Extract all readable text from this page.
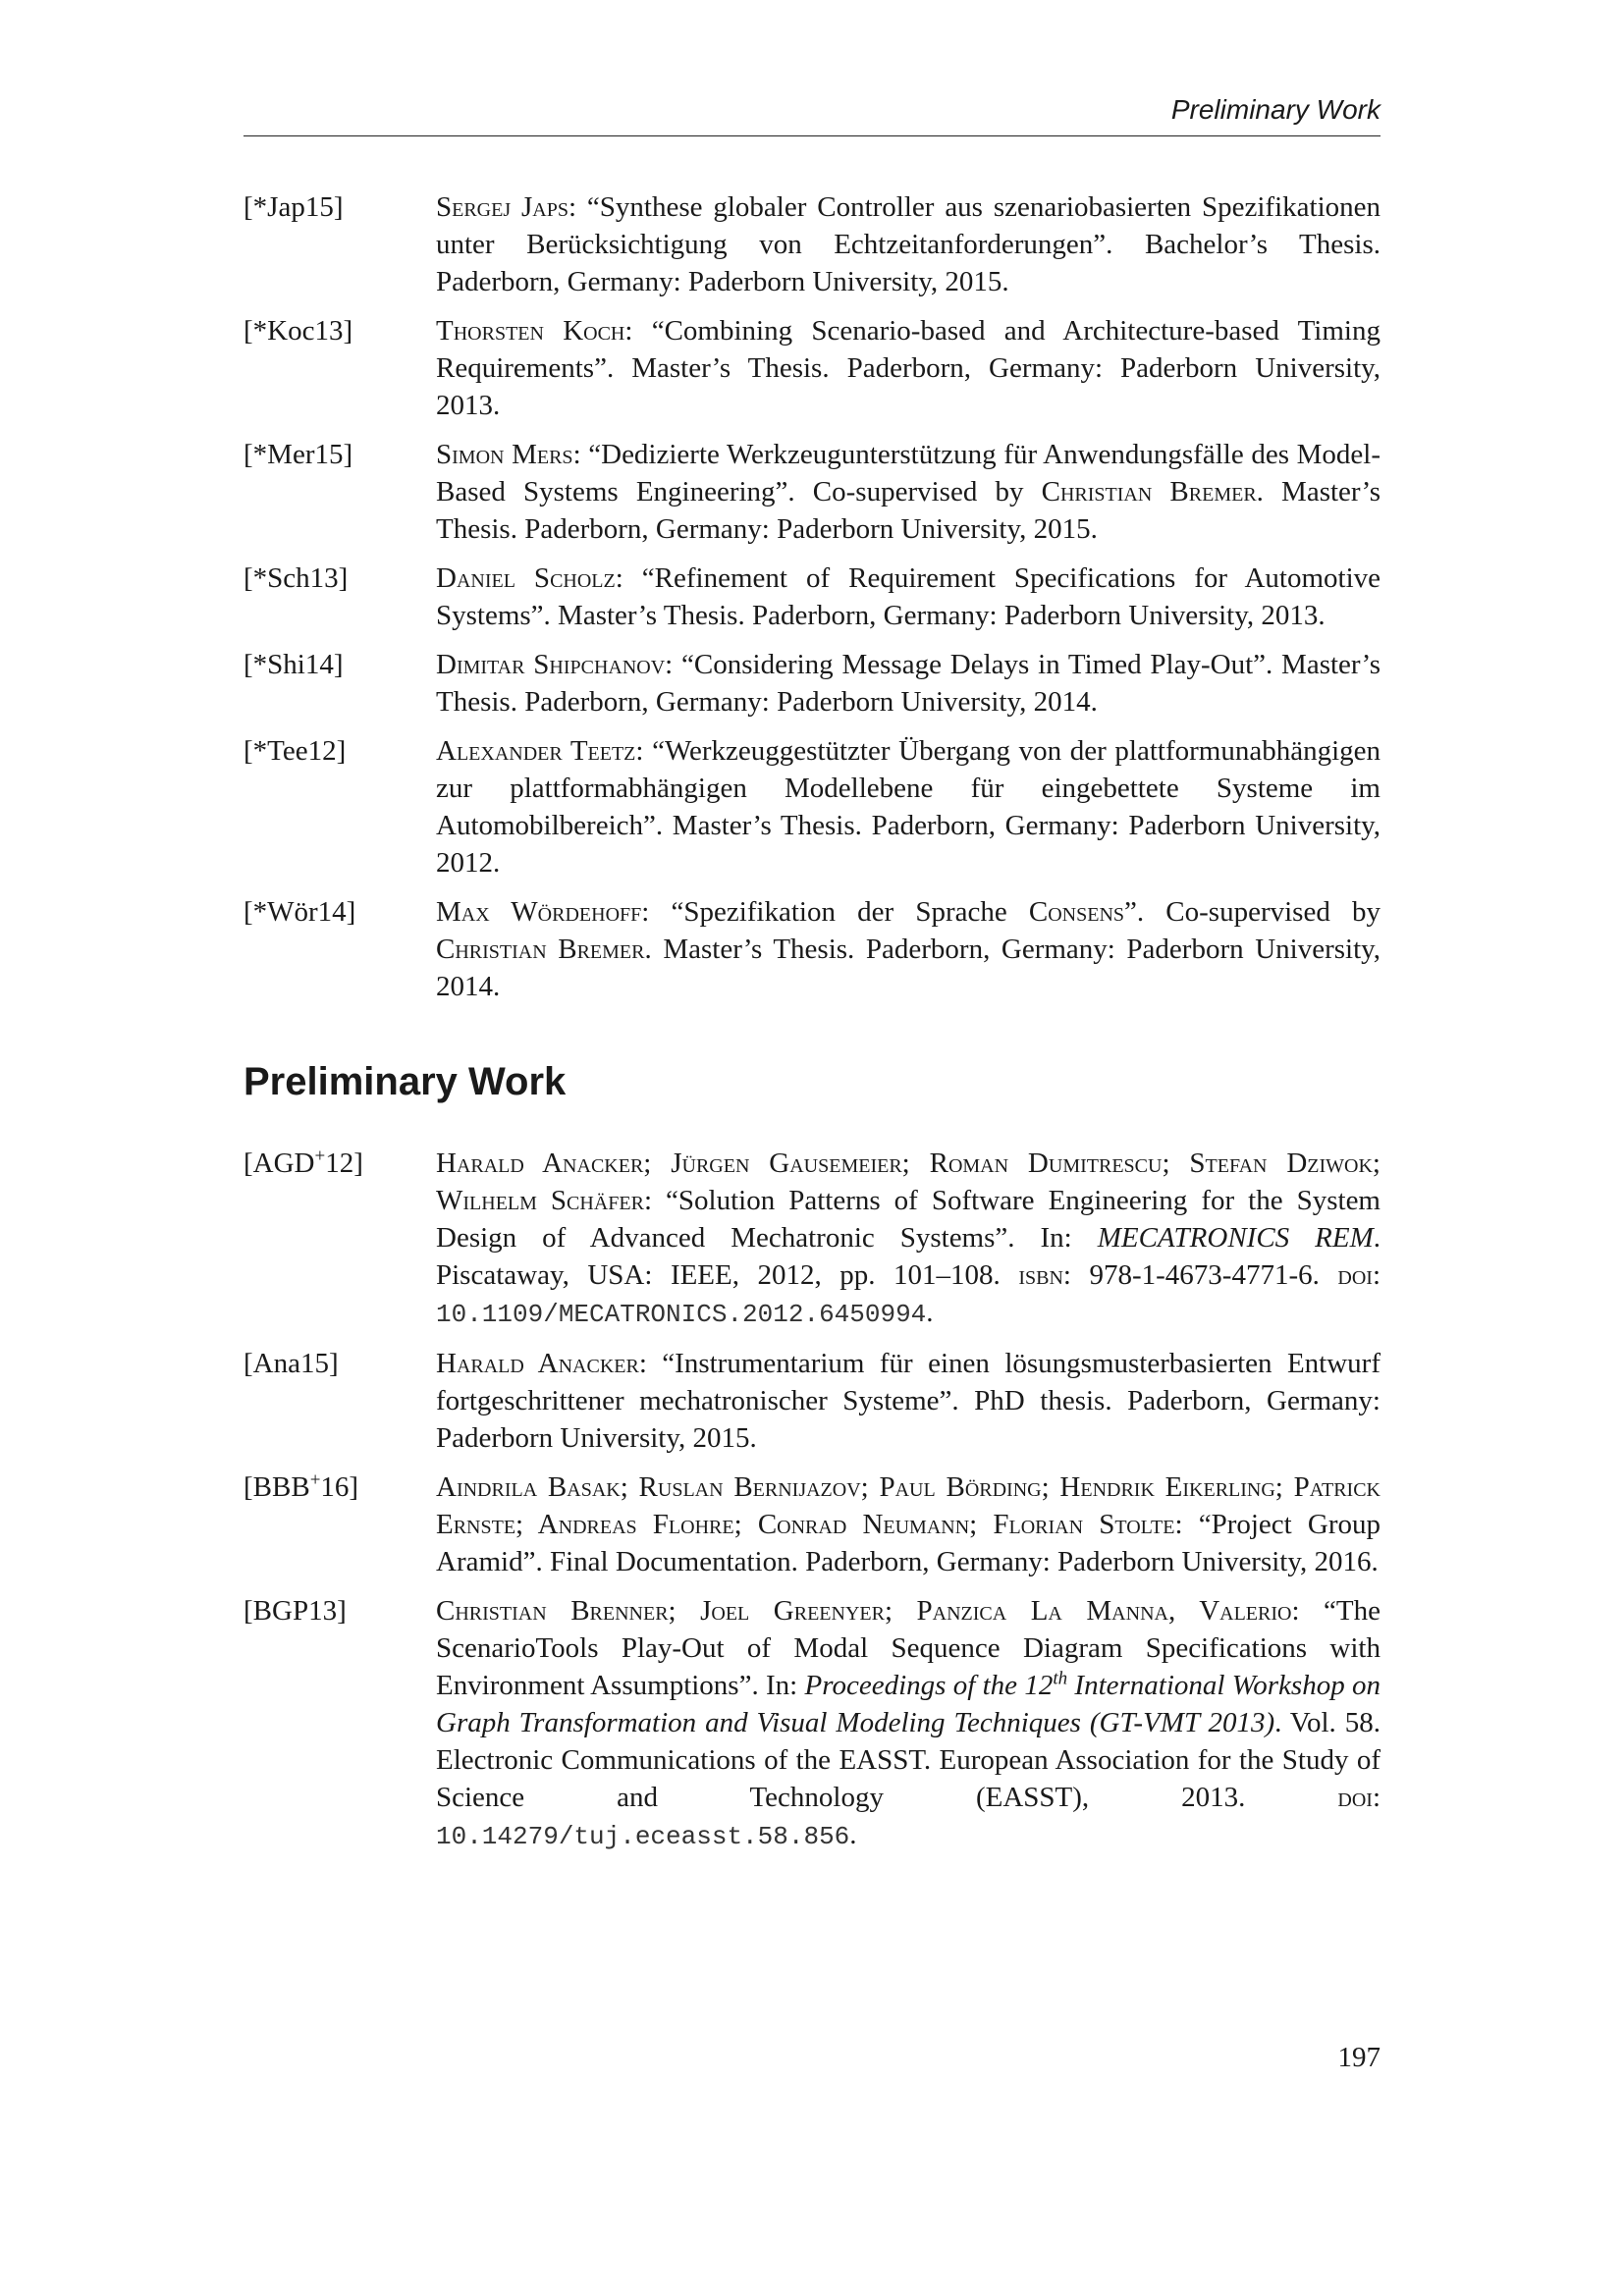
Preliminary Work
[*Jap15]	Sergej Japs: “Synthese globaler Controller aus szenariobasierten Spezifikationen unter Berücksichtigung von Echtzeitanforderungen”. Bachelor’s Thesis. Paderborn, Germany: Paderborn University, 2015.
[*Koc13]	Thorsten Koch: “Combining Scenario-based and Architecture-based Timing Requirements”. Master’s Thesis. Paderborn, Germany: Paderborn University, 2013.
[*Mer15]	Simon Mers: “Dedizierte Werkzeugunterstützung für Anwendungsfälle des Model-Based Systems Engineering”. Co-supervised by Christian Bremer. Master’s Thesis. Paderborn, Germany: Paderborn University, 2015.
[*Sch13]	Daniel Scholz: “Refinement of Requirement Specifications for Automotive Systems”. Master’s Thesis. Paderborn, Germany: Paderborn University, 2013.
[*Shi14]	Dimitar Shipchanov: “Considering Message Delays in Timed Play-Out”. Master’s Thesis. Paderborn, Germany: Paderborn University, 2014.
[*Tee12]	Alexander Teetz: “Werkzeuggestützter Übergang von der plattformunabhängigen zur plattformabhängigen Modellebene für eingebettete Systeme im Automobilbereich”. Master’s Thesis. Paderborn, Germany: Paderborn University, 2012.
[*Wör14]	Max Wördehoff: “Spezifikation der Sprache Consens”. Co-supervised by Christian Bremer. Master’s Thesis. Paderborn, Germany: Paderborn University, 2014.
Preliminary Work
[AGD+12]	Harald Anacker; Jürgen Gausemeier; Roman Dumitrescu; Stefan Dziwok; Wilhelm Schäfer: “Solution Patterns of Software Engineering for the System Design of Advanced Mechatronic Systems”. In: MECATRONICS REM. Piscataway, USA: IEEE, 2012, pp. 101–108. isbn: 978-1-4673-4771-6. doi: 10.1109/MECATRONICS.2012.6450994.
[Ana15]	Harald Anacker: “Instrumentarium für einen lösungsmusterbasierten Entwurf fortgeschrittener mechatronischer Systeme”. PhD thesis. Paderborn, Germany: Paderborn University, 2015.
[BBB+16]	Aindrila Basak; Ruslan Bernijazov; Paul Börding; Hendrik Eikerling; Patrick Ernste; Andreas Flohre; Conrad Neumann; Florian Stolte: “Project Group Aramid”. Final Documentation. Paderborn, Germany: Paderborn University, 2016.
[BGP13]	Christian Brenner; Joel Greenyer; Panzica La Manna, Valerio: “The ScenarioTools Play-Out of Modal Sequence Diagram Specifications with Environment Assumptions”. In: Proceedings of the 12th International Workshop on Graph Transformation and Visual Modeling Techniques (GT-VMT 2013). Vol. 58. Electronic Communications of the EASST. European Association for the Study of Science and Technology (EASST), 2013. doi: 10.14279/tuj.eceasst.58.856.
197
